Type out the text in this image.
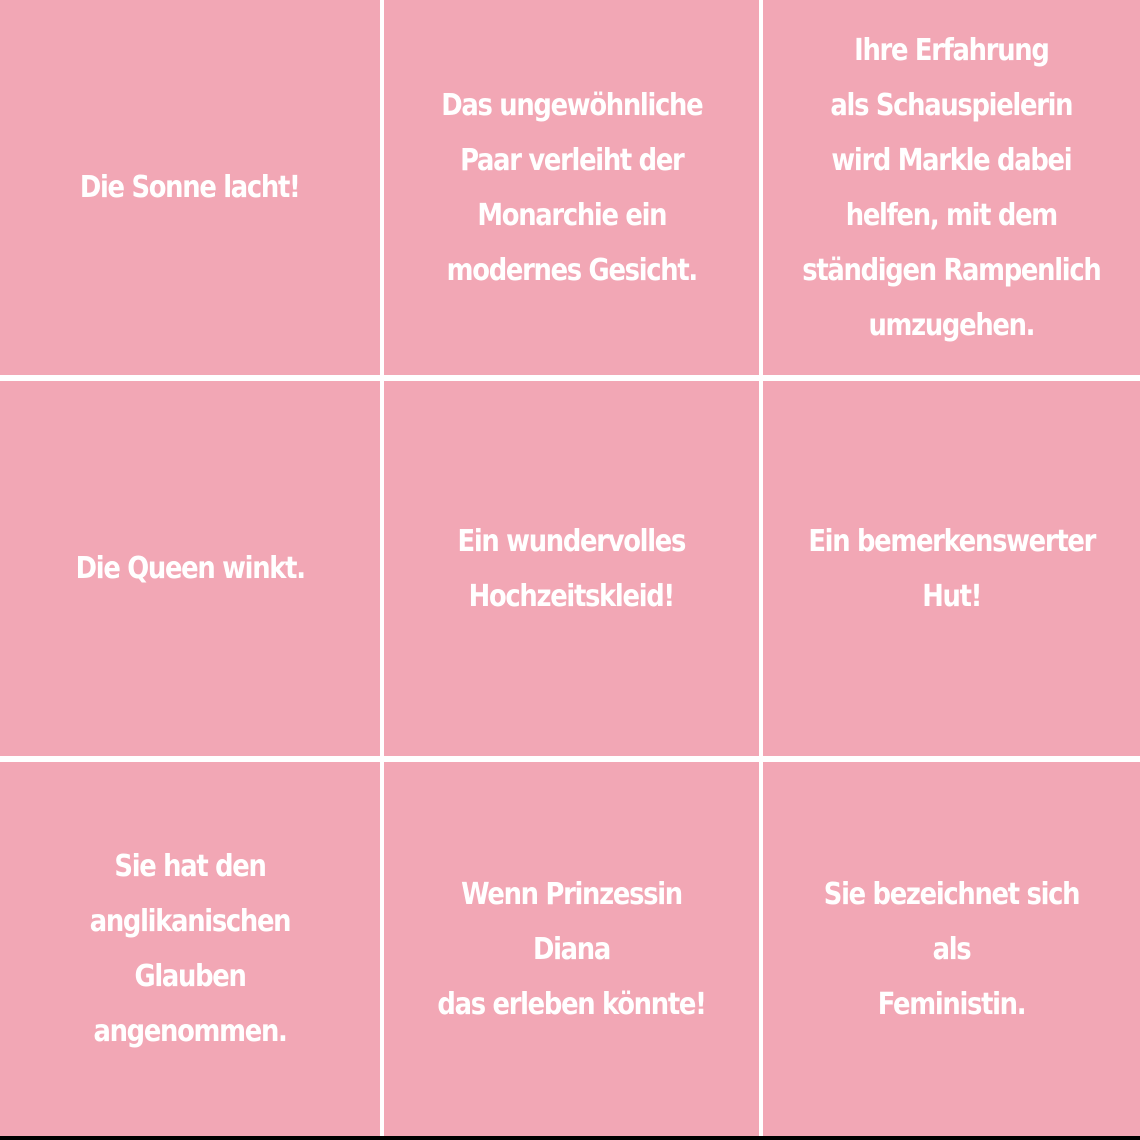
Die Sonne lacht!
Das ungewöhnliche
Paar verleiht der
Monarchie ein
modernes Gesicht.
Ihre Erfahrung
als Schauspielerin
wird Markle dabei
helfen, mit dem
ständigen Rampenlich
umzugehen.
Die Queen winkt.
Ein wundervolles
Hochzeitskleid!
Ein bemerkenswerter
Hut!
Sie hat den
anglikanischen
Glauben angenommen.
Wenn Prinzessin Diana
das erleben könnte!
Sie bezeichnet sich als
Feministin.
